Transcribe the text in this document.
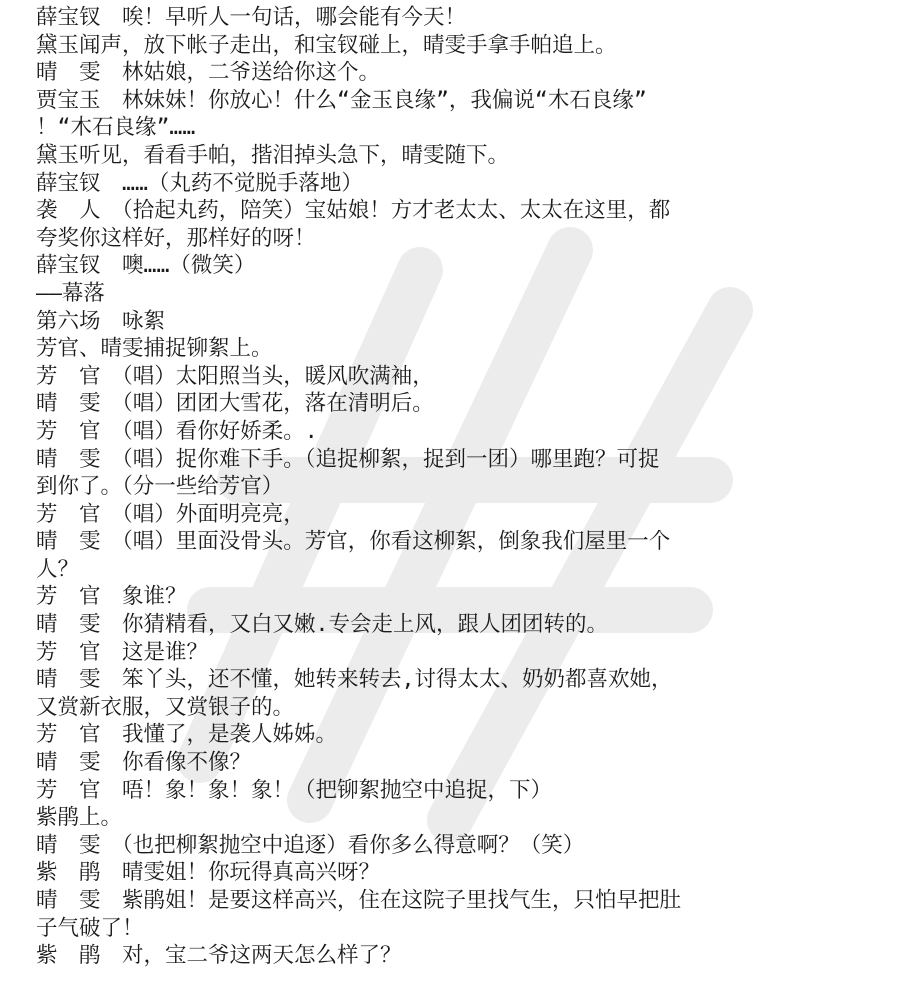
薛宝钗　唉！早听人一句话，哪会能有今天！
黛玉闻声，放下帐子走出，和宝钗碰上，晴雯手拿手帕追上。
晴　雯　林姑娘，二爷送给你这个。
贾宝玉　林妹妹！你放心！什么“金玉良缘”，我偏说“木石良缘”
！“木石良缘”……
黛玉听见，看看手帕，揩泪掉头急下，晴雯随下。
薛宝钗　……（丸药不觉脱手落地）
袭　人　（拾起丸药，陪笑）宝姑娘！方才老太太、太太在这里，都
夸奖你这样好，那样好的呀！
薛宝钗　噢……（微笑）
——幕落
第六场　咏絮
芳官、晴雯捕捉铆絮上。
芳　官　（唱）太阳照当头，暖风吹满袖，
晴　雯　（唱）团团大雪花，落在清明后。
芳　官　（唱）看你好娇柔。.
晴　雯　（唱）捉你难下手。（追捉柳絮，捉到一团）哪里跑？可捉
到你了。（分一些给芳官）
芳　官　（唱）外面明亮亮，
晴　雯　（唱）里面没骨头。芳官，你看这柳絮，倒象我们屋里一个
人？
芳　官　象谁？
晴　雯　你猜精看，又白又嫩.专会走上风，跟人团团转的。
芳　官　这是谁？
晴　雯　笨丫头，还不懂，她转来转去,讨得太太、奶奶都喜欢她，
又赏新衣服，又赏银子的。
芳　官　我懂了，是袭人姊姊。
晴　雯　你看像不像？
芳　官　唔！象！象！象！（把铆絮抛空中追捉，下）
紫鹃上。
晴　雯　（也把柳絮抛空中追逐）看你多么得意啊？（笑）
紫　鹃　晴雯姐！你玩得真高兴呀？
晴　雯　紫鹃姐！是要这样高兴，住在这院子里找气生，只怕早把肚
子气破了！
紫　鹃　对，宝二爷这两天怎么样了？
